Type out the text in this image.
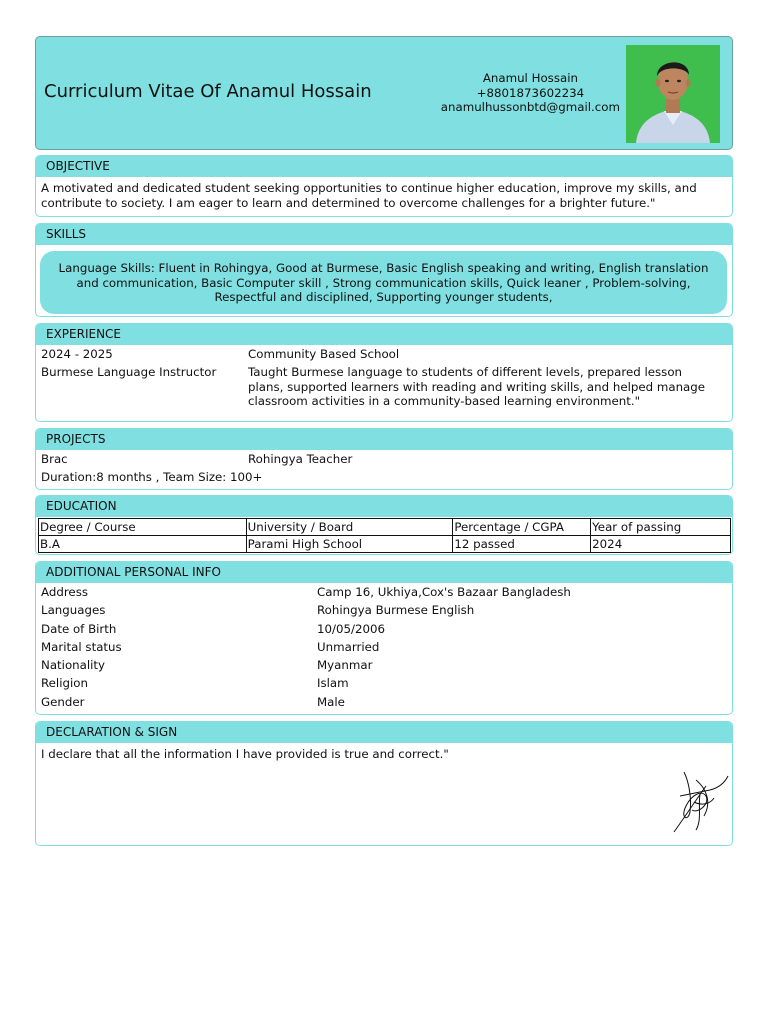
Curriculum Vitae Of Anamul Hossain
Anamul Hossain
+8801873602234
anamulhussonbtd@gmail.com
OBJECTIVE
A motivated and dedicated student seeking opportunities to continue higher education, improve my skills, and contribute to society. I am eager to learn and determined to overcome challenges for a brighter future."
SKILLS
Language Skills: Fluent in Rohingya, Good at Burmese, Basic English speaking and writing, English translation and communication, Basic Computer skill , Strong communication skills, Quick leaner , Problem-solving, Respectful and disciplined, Supporting younger students,
EXPERIENCE
2024 - 2025	Community Based School
Burmese Language Instructor	Taught Burmese language to students of different levels, prepared lesson plans, supported learners with reading and writing skills, and helped manage classroom activities in a community-based learning environment."
PROJECTS
Brac	Rohingya Teacher
Duration:8 months , Team Size: 100+
EDUCATION
Degree / Course	University / Board	Percentage / CGPA	Year of passing
B.A	Parami High School	12 passed	2024
ADDITIONAL PERSONAL INFO
Address	Camp 16, Ukhiya,Cox's Bazaar Bangladesh
Languages	Rohingya Burmese English
Date of Birth	10/05/2006
Marital status	Unmarried
Nationality	Myanmar
Religion	Islam
Gender	Male
DECLARATION & SIGN
I declare that all the information I have provided is true and correct."
